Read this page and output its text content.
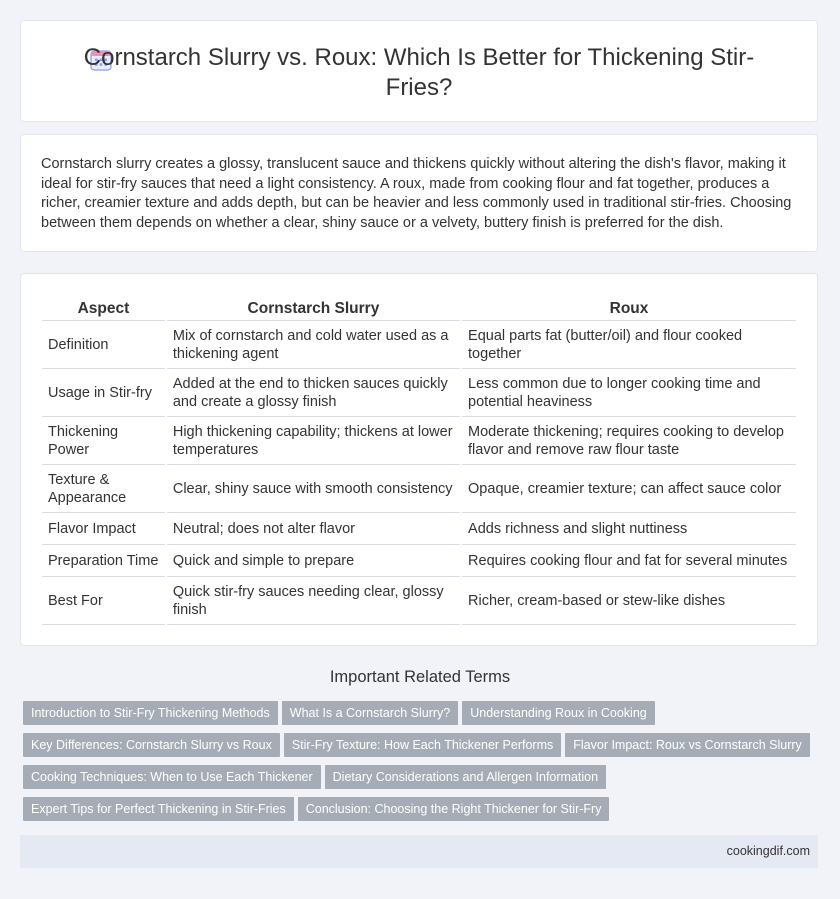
Cornstarch Slurry vs. Roux: Which Is Better for Thickening Stir-Fries?

Cornstarch slurry creates a glossy, translucent sauce and thickens quickly without altering the dish's flavor, making it ideal for stir-fry sauces that need a light consistency. A roux, made from cooking flour and fat together, produces a richer, creamier texture and adds depth, but can be heavier and less commonly used in traditional stir-fries. Choosing between them depends on whether a clear, shiny sauce or a velvety, buttery finish is preferred for the dish.

Aspect	Cornstarch Slurry	Roux
Definition	Mix of cornstarch and cold water used as a thickening agent	Equal parts fat (butter/oil) and flour cooked together
Usage in Stir-fry	Added at the end to thicken sauces quickly and create a glossy finish	Less common due to longer cooking time and potential heaviness
Thickening Power	High thickening capability; thickens at lower temperatures	Moderate thickening; requires cooking to develop flavor and remove raw flour taste
Texture & Appearance	Clear, shiny sauce with smooth consistency	Opaque, creamier texture; can affect sauce color
Flavor Impact	Neutral; does not alter flavor	Adds richness and slight nuttiness
Preparation Time	Quick and simple to prepare	Requires cooking flour and fat for several minutes
Best For	Quick stir-fry sauces needing clear, glossy finish	Richer, cream-based or stew-like dishes
Important Related Terms
Introduction to Stir-Fry Thickening Methods What Is a Cornstarch Slurry? Understanding Roux in Cooking
Key Differences: Cornstarch Slurry vs Roux Stir-Fry Texture: How Each Thickener Performs Flavor Impact: Roux vs Cornstarch Slurry
Cooking Techniques: When to Use Each Thickener Dietary Considerations and Allergen Information
Expert Tips for Perfect Thickening in Stir-Fries Conclusion: Choosing the Right Thickener for Stir-Fry
cookingdif.com
